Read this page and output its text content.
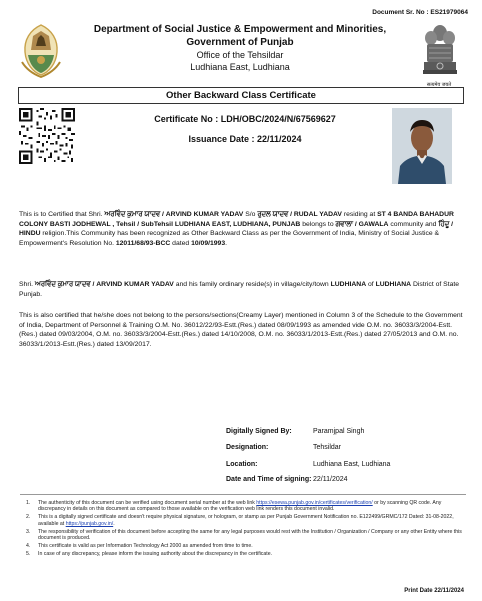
Document Sr. No : ES21979064
सत्यमेव जयते
Department of Social Justice & Empowerment and Minorities,
Government of Punjab
Office of the Tehsildar
Ludhiana East, Ludhiana
Other Backward Class Certificate
Certificate No : LDH/OBC/2024/N/67569627
Issuance Date : 22/11/2024
This is to Certified that Shri. ਅਰਵਿੰਦ ਕੁਮਾਰ ਯਾਦਵ / ARVIND KUMAR YADAV S/o ਰੁਦਲ ਯਾਦਵ / RUDAL YADAV residing at ST 4 BANDA BAHADUR COLONY BASTI JODHEWAL , Tehsil / SubTehsil LUDHIANA EAST, LUDHIANA, PUNJAB belongs to ਗਵਾਲਾ / GAWALA community and ਹਿੰਦੂ / HINDU religion.This Community has been recognized as Other Backward Class as per the Government of India, Ministry of Social Justice & Empowerment's Resolution No. 12011/68/93-BCC dated 10/09/1993.
Shri. ਅਰਵਿੰਦ ਕੁਮਾਰ ਯਾਦਵ / ARVIND KUMAR YADAV and his family ordinary reside(s) in village/city/town LUDHIANA of LUDHIANA District of State Punjab.
This is also certified that he/she does not belong to the persons/sections(Creamy Layer) mentioned in Column 3 of the Schedule to the Government of India, Department of Personnel & Training O.M. No. 36012/22/93-Estt.(Res.) dated 08/09/1993 as amended vide O.M. no. 36033/3/2004-Estt.(Res.) dated 09/03/2004, O.M. no. 36033/3/2004-Estt.(Res.) dated 14/10/2008, O.M. no. 36033/1/2013-Estt.(Res.) dated 27/05/2013 and O.M. no. 36033/1/2013-Estt.(Res.) dated 13/09/2017.
Digitally Signed By:	Paramjpal Singh
Designation:	Tehsildar
Location:	Ludhiana East, Ludhiana
Date and Time of signing: 22/11/2024
1. The authenticity of this document can be verified using document serial number at the web link https://esewa.punjab.gov.in/certificates/verification/ or by scanning QR code. Any discrepancy in details on this document as compared to those available on the verification web link renders this document invalid.
2. This is a digitally signed certificate and doesn't require physical signature, or hologram, or stamp as per Punjab Government Notification no. E122499/GRMC/172 Dated: 31-08-2022, available at https://punjab.gov.in/.
3. The responsibility of verification of this document before accepting the same for any legal purposes would rest with the Institution / Organization / Company or any other Entity where this document is produced.
4. This certificate is valid as per Information Technology Act 2000 as amended from time to time.
5. In case of any discrepancy, please inform the issuing authority about the discrepancy in the certificate.
Print Date 22/11/2024
